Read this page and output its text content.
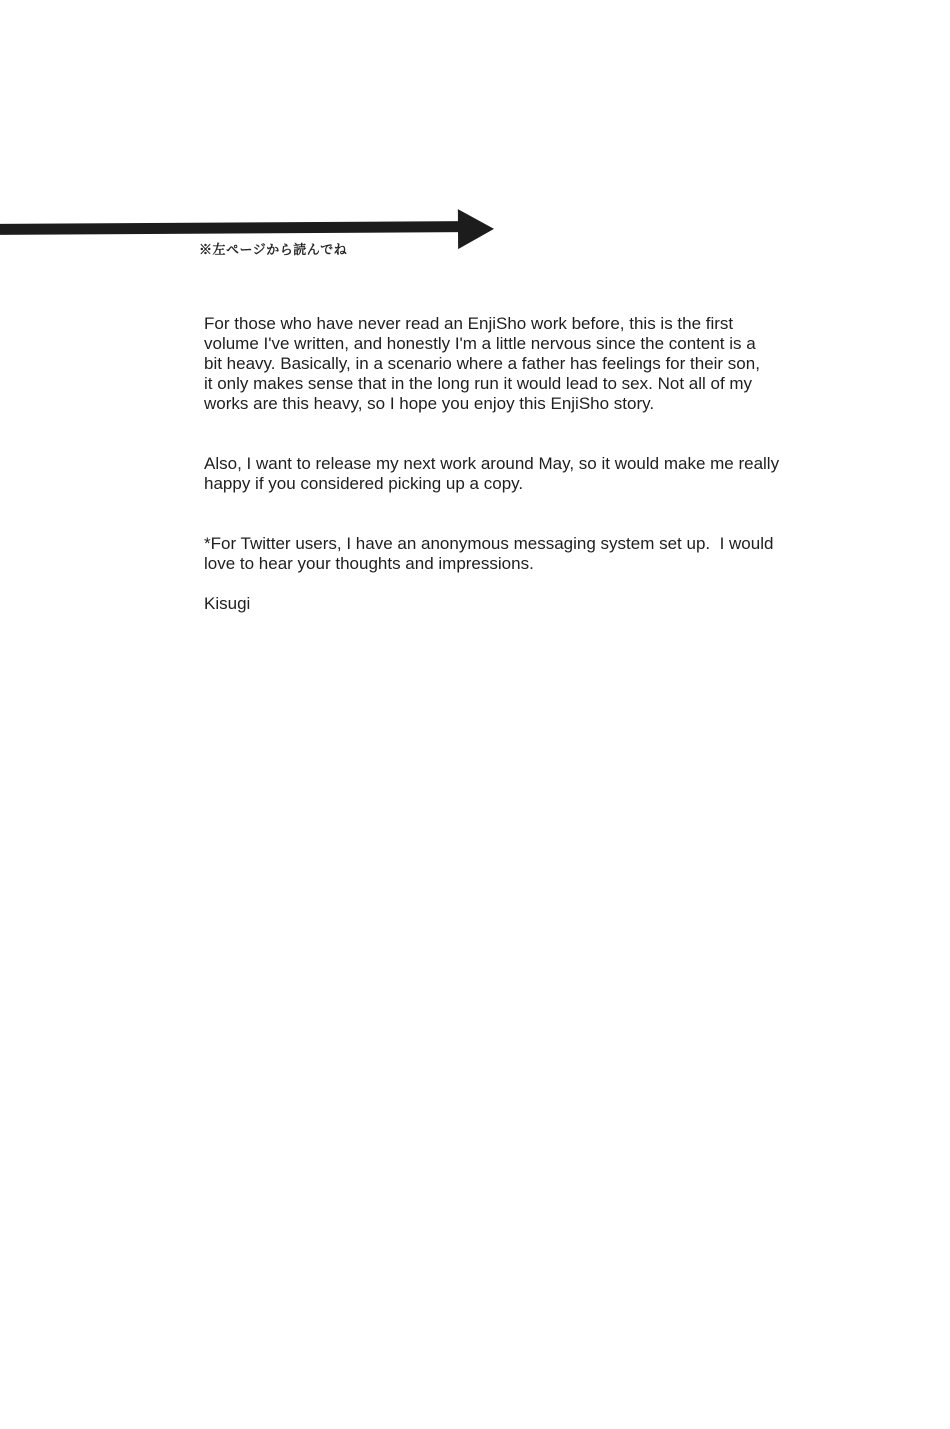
※左ページから読んでね

For those who have never read an EnjiSho work before, this is the first
volume I've written, and honestly I'm a little nervous since the content is a
bit heavy. Basically, in a scenario where a father has feelings for their son,
it only makes sense that in the long run it would lead to sex. Not all of my
works are this heavy, so I hope you enjoy this EnjiSho story.

Also, I want to release my next work around May, so it would make me really
happy if you considered picking up a copy.

*For Twitter users, I have an anonymous messaging system set up.  I would
love to hear your thoughts and impressions.

Kisugi
